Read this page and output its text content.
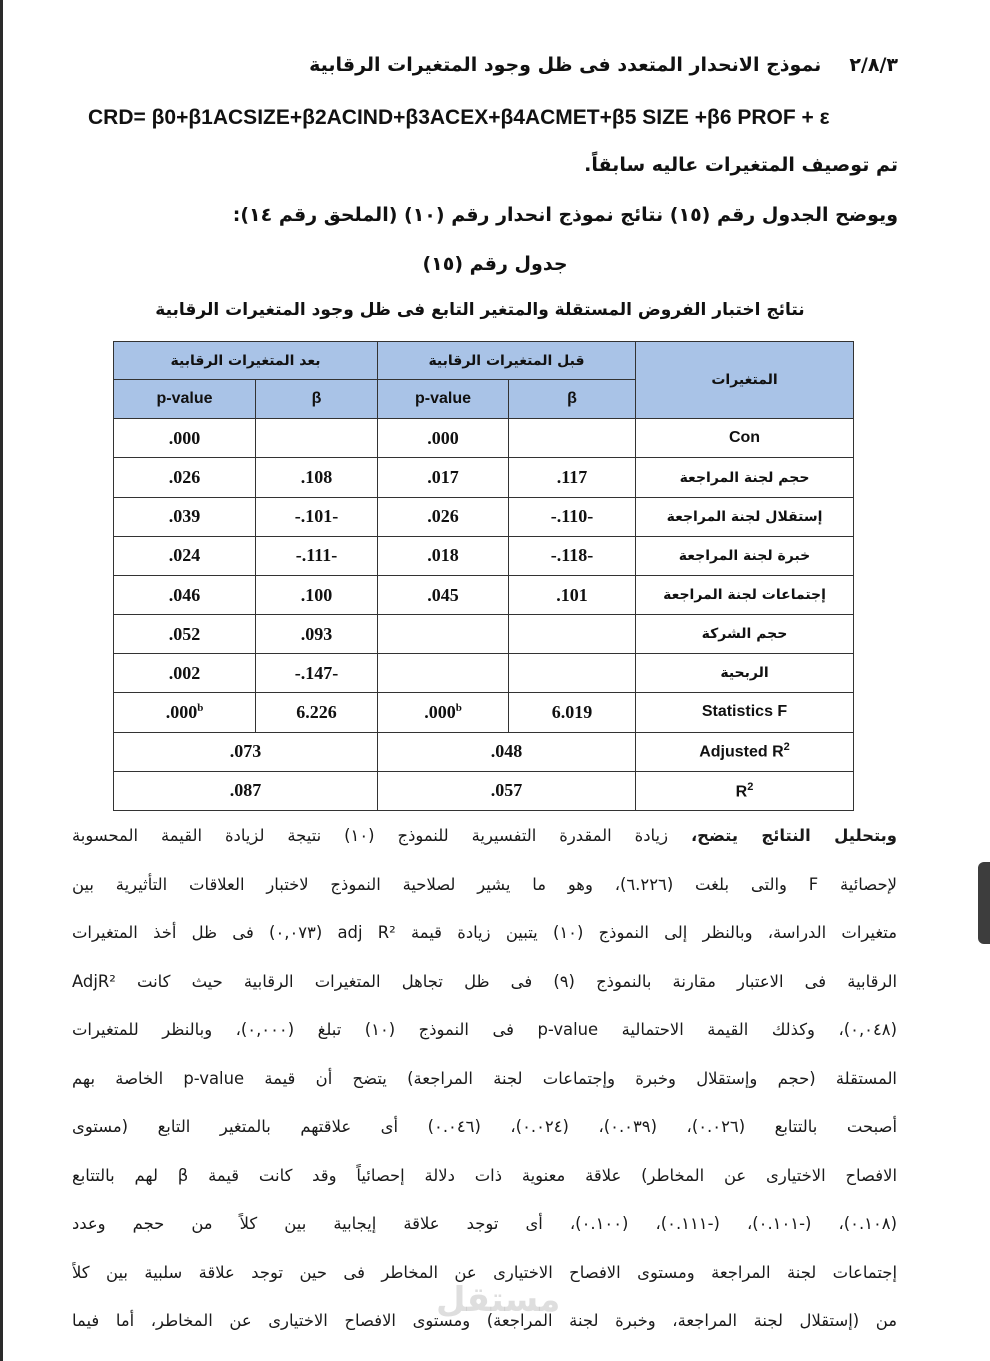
٢/٨/٣نموذج الانحدار المتعدد فى ظل وجود المتغيرات الرقابية
CRD= β0+β1ACSIZE+β2ACIND+β3ACEX+β4ACMET+β5 SIZE +β6 PROF + ε
تم توصيف المتغيرات عاليه سابقاً.
ويوضح الجدول رقم (١٥) نتائج نموذج انحدار رقم (١٠) (الملحق رقم ١٤):
جدول رقم (١٥)
نتائج اختبار الفروض المستقلة والمتغير التابع فى ظل وجود المتغيرات الرقابية
المتغيرات	قبل المتغيرات الرقابية		بعد المتغيرات الرقابية	
	β	p-value	β	p-value
Con		.000		.000
حجم لجنة المراجعة	.117	.017	.108	.026
إستقلال لجنة المراجعة	-.110-	.026	-.101-	.039
خبرة لجنة المراجعة	-.118-	.018	-.111-	.024
إجتماعات لجنة المراجعة	.101	.045	.100	.046
حجم الشركة			.093	.052
الربحية			-.147-	.002
Statistics F	6.019	.000$^b$	6.226	.000$^b$
Adjusted $R^2$	.048		.073	
$R^2$	.057		.087	
وبتحليل النتائج يتضح، زيادة المقدرة التفسيرية للنموذج (١٠) نتيجة لزيادة القيمة المحسوبة
لإحصائية F والتى بلغت (٦.٢٢٦)، وهو ما يشير لصلاحية النموذج لاختبار العلاقات التأثيرية بين
متغيرات الدراسة، وبالنظر إلى النموذج (١٠) يتبين زيادة قيمة adj R² (٠,٠٧٣) فى ظل أخذ المتغيرات
الرقابية فى الاعتبار مقارنة بالنموذج (٩) فى ظل تجاهل المتغيرات الرقابية حيث كانت AdjR²
(٠,٠٤٨)، وكذلك القيمة الاحتمالية p-value فى النموذج (١٠) تبلغ (٠,٠٠٠)، وبالنظر للمتغيرات
المستقلة (حجم وإستقلال وخبرة وإجتماعات لجنة المراجعة) يتضح أن قيمة p-value الخاصة بهم
أصبحت بالتتابع (٠.٠٢٦)، (٠.٠٣٩)، (٠.٠٢٤)، (٠.٠٤٦) أى علاقتهم بالمتغير التابع (مستوى
الافصاح الاختيارى عن المخاطر) علاقة معنوية ذات دلالة إحصائياً وقد كانت قيمة β لهم بالتتابع
(٠.١٠٨)، (-٠.١٠١)، (-٠.١١١)، (٠.١٠٠)، أى توجد علاقة إيجابية بين كلاً من حجم وعدد
إجتماعات لجنة المراجعة ومستوى الافصاح الاختيارى عن المخاطر فى حين توجد علاقة سلبية بين كلاً
من (إستقلال لجنة المراجعة، وخبرة لجنة المراجعة) ومستوى الافصاح الاختيارى عن المخاطر، أما فيما
مستقل
